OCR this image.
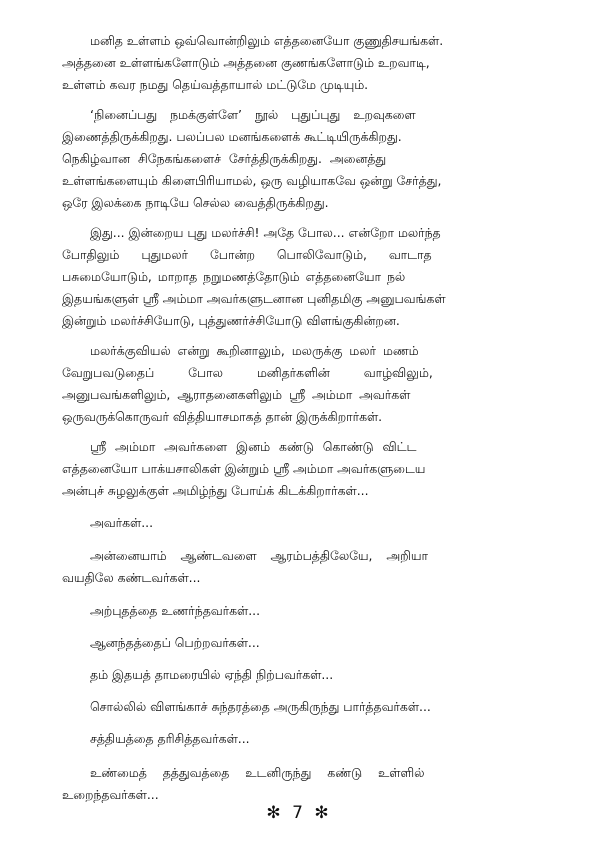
மனித உள்ளம் ஒவ்வொன்றிலும் எத்தனையோ குணுதிசயங்கள்.
அத்தனை உள்ளங்களோடும் அத்தனை குணங்களோடும் உறவாடி,
உள்ளம் கவர நமது தெய்வத்தாயால் மட்டுமே முடியும்.
‘நினைப்பது நமக்குள்ளே’ நூல் புதுப்புது உறவுகளை
இணைத்திருக்கிறது. பலப்பல மனங்களைக் கூட்டியிருக்கிறது.
நெகிழ்வான சிநேகங்களைச் சேர்த்திருக்கிறது. அனைத்து
உள்ளங்களையும் கிளைபிரியாமல், ஒரு வழியாகவே ஒன்று சேர்த்து,
ஒரே இலக்கை நாடியே செல்ல வைத்திருக்கிறது.
இது... இன்றைய புது மலர்ச்சி! அதே போல... என்றோ மலர்ந்த
போதிலும் புதுமலர் போன்ற பொலிவோடும், வாடாத
பசுமையோடும், மாறாத நறுமணத்தோடும் எத்தனையோ நல்
இதயங்களுள் ஸ்ரீ அம்மா அவர்களுடனான புனிதமிகு அனுபவங்கள்
இன்றும் மலர்ச்சியோடு, புத்துணர்ச்சியோடு விளங்குகின்றன.
மலர்க்குவியல் என்று கூறினாலும், மலருக்கு மலர் மணம்
வேறுபவடுதைப் போல மனிதர்களின் வாழ்விலும்,
அனுபவங்களிலும், ஆராதனைகளிலும் ஸ்ரீ அம்மா அவர்கள்
ஒருவருக்கொருவர் வித்தியாசமாகத் தான் இருக்கிறார்கள்.
ஸ்ரீ அம்மா அவர்களை இனம் கண்டு கொண்டு விட்ட
எத்தனையோ பாக்யசாலிகள் இன்றும் ஸ்ரீ அம்மா அவர்களுடைய
அன்புச் சுழலுக்குள் அமிழ்ந்து போய்க் கிடக்கிறார்கள்...
அவர்கள்...
அன்னையாம் ஆண்டவளை ஆரம்பத்திலேயே, அறியா
வயதிலே கண்டவர்கள்...
அற்புதத்தை உணர்ந்தவர்கள்...
ஆனந்தத்தைப் பெற்றவர்கள்...
தம் இதயத் தாமரையில் ஏந்தி நிற்பவர்கள்...
சொல்லில் விளங்காச் சுந்தரத்தை அருகிருந்து பார்த்தவர்கள்...
சத்தியத்தை தரிசித்தவர்கள்...
உண்மைத் தத்துவத்தை உடனிருந்து கண்டு உள்ளில்
உறைந்தவர்கள்...
✻ 7 ✻
